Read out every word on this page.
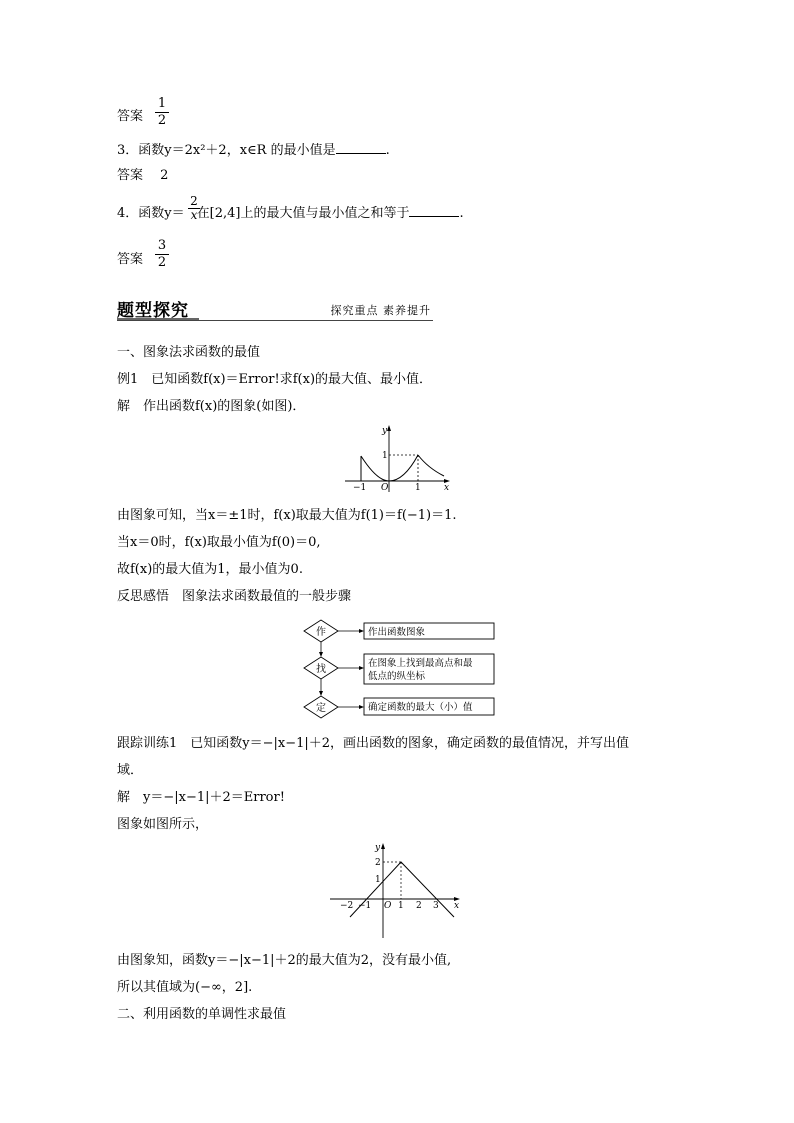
答案
1
2
3．函数y＝2x²＋2，x∈R 的最小值是	.
答案　 2
4．函数y＝ 在[2,4]上的最大值与最小值之和等于	.
2
x
答案
3
2
题型探究	探究重点 素养提升
一、图象法求函数的最值
例1　已知函数f(x)＝Error!求f(x)的最大值、最小值．
解　作出函数f(x)的图象(如图)．
y
x
O
−1	1
1
由图象可知，当x＝±1时，f(x)取最大值为f(1)＝f(−1)＝1.
当x＝0时，f(x)取最小值为f(0)＝0,
故f(x)的最大值为1，最小值为0.
反思感悟　图象法求函数最值的一般步骤
作
找
定
作出函数图象
在图象上找到最高点和最
低点的纵坐标
确定函数的最大（小）值
跟踪训练1　已知函数y＝−|x−1|＋2，画出函数的图象，确定函数的最值情况，并写出值
域．
解　y＝−|x−1|＋2＝Error!
图象如图所示，
y
2
1
−2 −1 O 1 2 3 x
由图象知，函数y＝−|x−1|＋2的最大值为2，没有最小值,
所以其值域为(−∞，2].
二、利用函数的单调性求最值
